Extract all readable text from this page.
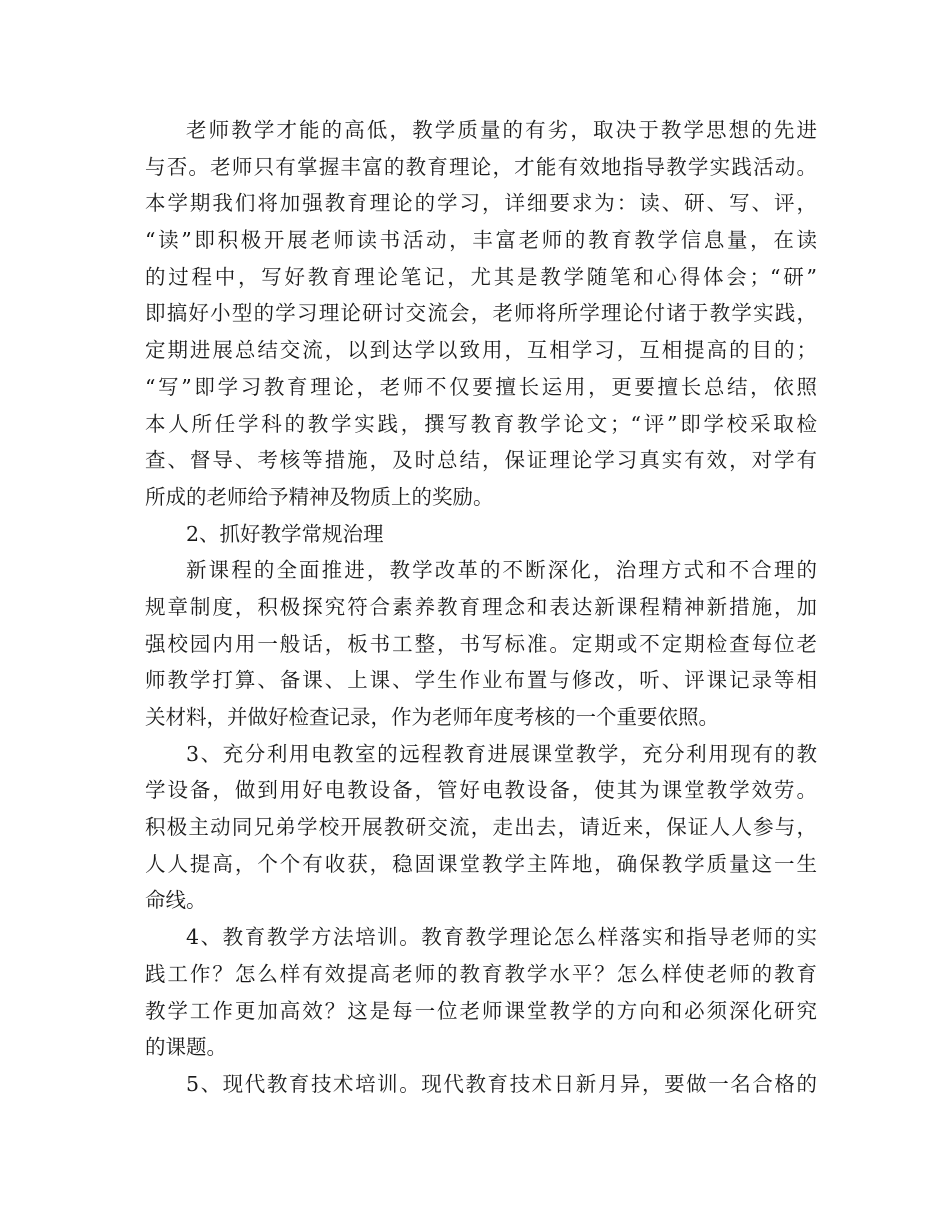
老师教学才能的高低，教学质量的有劣，取决于教学思想的先进
与否。老师只有掌握丰富的教育理论，才能有效地指导教学实践活动。
本学期我们将加强教育理论的学习，详细要求为：读、研、写、评，
“读”即积极开展老师读书活动，丰富老师的教育教学信息量，在读
的过程中，写好教育理论笔记，尤其是教学随笔和心得体会；“研”
即搞好小型的学习理论研讨交流会，老师将所学理论付诸于教学实践，
定期进展总结交流，以到达学以致用，互相学习，互相提高的目的；
“写”即学习教育理论，老师不仅要擅长运用，更要擅长总结，依照
本人所任学科的教学实践，撰写教育教学论文；“评”即学校采取检
查、督导、考核等措施，及时总结，保证理论学习真实有效，对学有
所成的老师给予精神及物质上的奖励。
2、抓好教学常规治理
新课程的全面推进，教学改革的不断深化，治理方式和不合理的
规章制度，积极探究符合素养教育理念和表达新课程精神新措施，加
强校园内用一般话，板书工整，书写标准。定期或不定期检查每位老
师教学打算、备课、上课、学生作业布置与修改，听、评课记录等相
关材料，并做好检查记录，作为老师年度考核的一个重要依照。
3、充分利用电教室的远程教育进展课堂教学，充分利用现有的教
学设备，做到用好电教设备，管好电教设备，使其为课堂教学效劳。
积极主动同兄弟学校开展教研交流，走出去，请近来，保证人人参与，
人人提高，个个有收获，稳固课堂教学主阵地，确保教学质量这一生
命线。
4、教育教学方法培训。教育教学理论怎么样落实和指导老师的实
践工作？怎么样有效提高老师的教育教学水平？怎么样使老师的教育
教学工作更加高效？这是每一位老师课堂教学的方向和必须深化研究
的课题。
5、现代教育技术培训。现代教育技术日新月异，要做一名合格的
